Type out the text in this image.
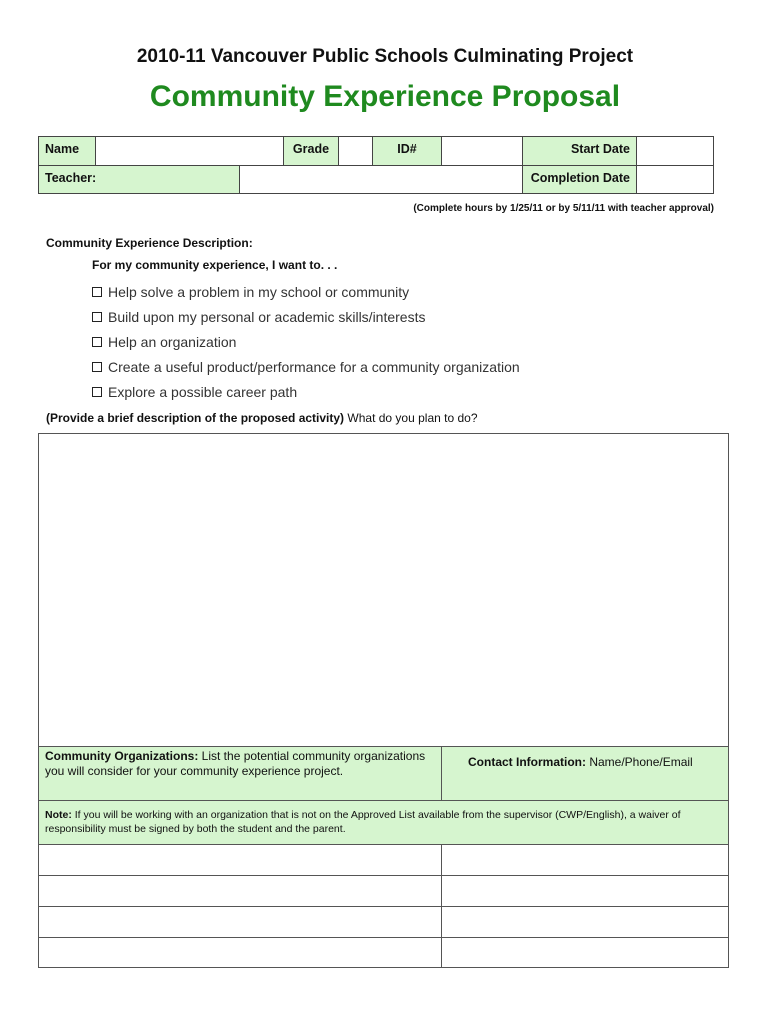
2010-11 Vancouver Public Schools Culminating Project
Community Experience Proposal
Name	Grade	ID#	Start Date
Teacher:	Completion Date
(Complete hours by 1/25/11 or by 5/11/11 with teacher approval)
Community Experience Description:
For my community experience, I want to. . .
Help solve a problem in my school or community
Build upon my personal or academic skills/interests
Help an organization
Create a useful product/performance for a community organization
Explore a possible career path
(Provide a brief description of the proposed activity) What do you plan to do?
Community Organizations: List the potential community organizations you will consider for your community experience project.
Contact Information: Name/Phone/Email
Note: If you will be working with an organization that is not on the Approved List available from the supervisor (CWP/English), a waiver of responsibility must be signed by both the student and the parent.
